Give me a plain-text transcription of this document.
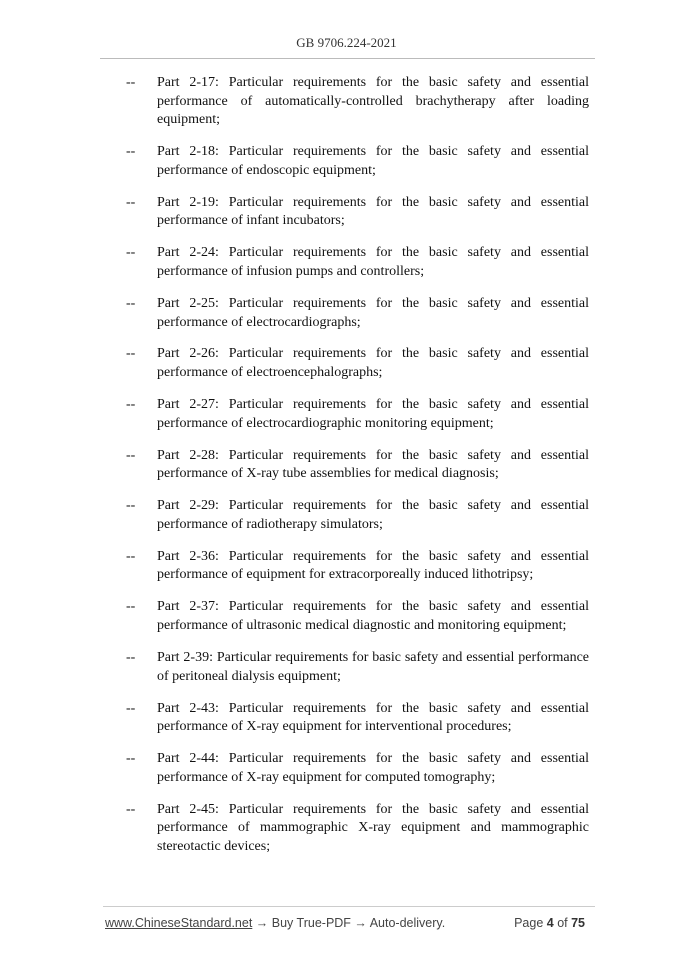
GB 9706.224-2021
--	Part 2-17: Particular requirements for the basic safety and essential performance of automatically-controlled brachytherapy after loading equipment;
--	Part 2-18: Particular requirements for the basic safety and essential performance of endoscopic equipment;
--	Part 2-19: Particular requirements for the basic safety and essential performance of infant incubators;
--	Part 2-24: Particular requirements for the basic safety and essential performance of infusion pumps and controllers;
--	Part 2-25: Particular requirements for the basic safety and essential performance of electrocardiographs;
--	Part 2-26: Particular requirements for the basic safety and essential performance of electroencephalographs;
--	Part 2-27: Particular requirements for the basic safety and essential performance of electrocardiographic monitoring equipment;
--	Part 2-28: Particular requirements for the basic safety and essential performance of X-ray tube assemblies for medical diagnosis;
--	Part 2-29: Particular requirements for the basic safety and essential performance of radiotherapy simulators;
--	Part 2-36: Particular requirements for the basic safety and essential performance of equipment for extracorporeally induced lithotripsy;
--	Part 2-37: Particular requirements for the basic safety and essential performance of ultrasonic medical diagnostic and monitoring equipment;
--	Part 2-39: Particular requirements for basic safety and essential performance of peritoneal dialysis equipment;
--	Part 2-43: Particular requirements for the basic safety and essential performance of X-ray equipment for interventional procedures;
--	Part 2-44: Particular requirements for the basic safety and essential performance of X-ray equipment for computed tomography;
--	Part 2-45: Particular requirements for the basic safety and essential performance of mammographic X-ray equipment and mammographic stereotactic devices;
www.ChineseStandard.net → Buy True-PDF → Auto-delivery.	Page 4 of 75
